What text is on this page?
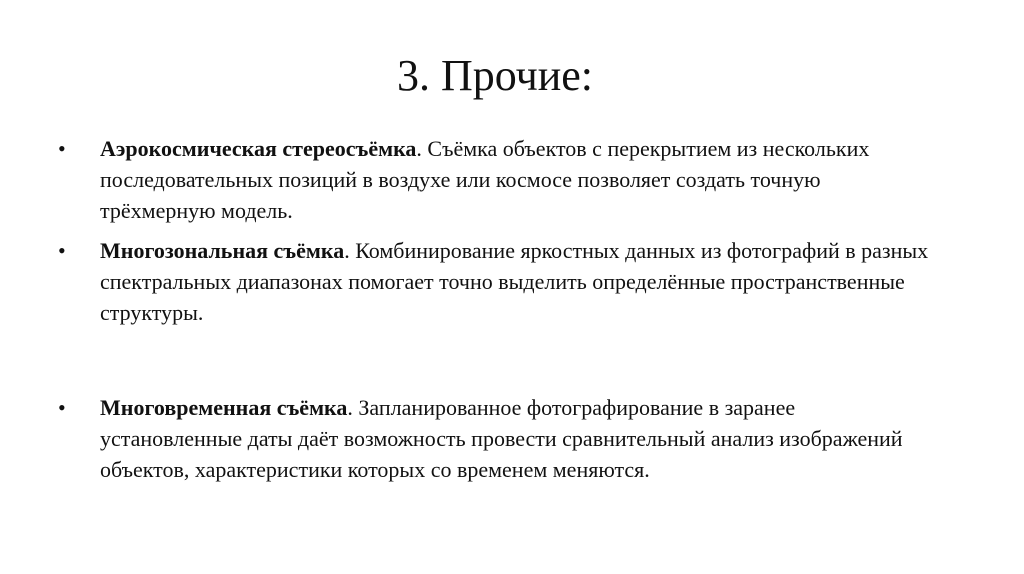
3. Прочие:
•	Аэрокосмическая стереосъёмка. Съёмка объектов с перекрытием из нескольких последовательных позиций в воздухе или космосе позволяет создать точную трёхмерную модель.
•	Многозональная съёмка. Комбинирование яркостных данных из фотографий в разных спектральных диапазонах помогает точно выделить определённые пространственные структуры.
•	Многовременная съёмка. Запланированное фотографирование в заранее установленные даты даёт возможность провести сравнительный анализ изображений объектов, характеристики которых со временем меняются.
